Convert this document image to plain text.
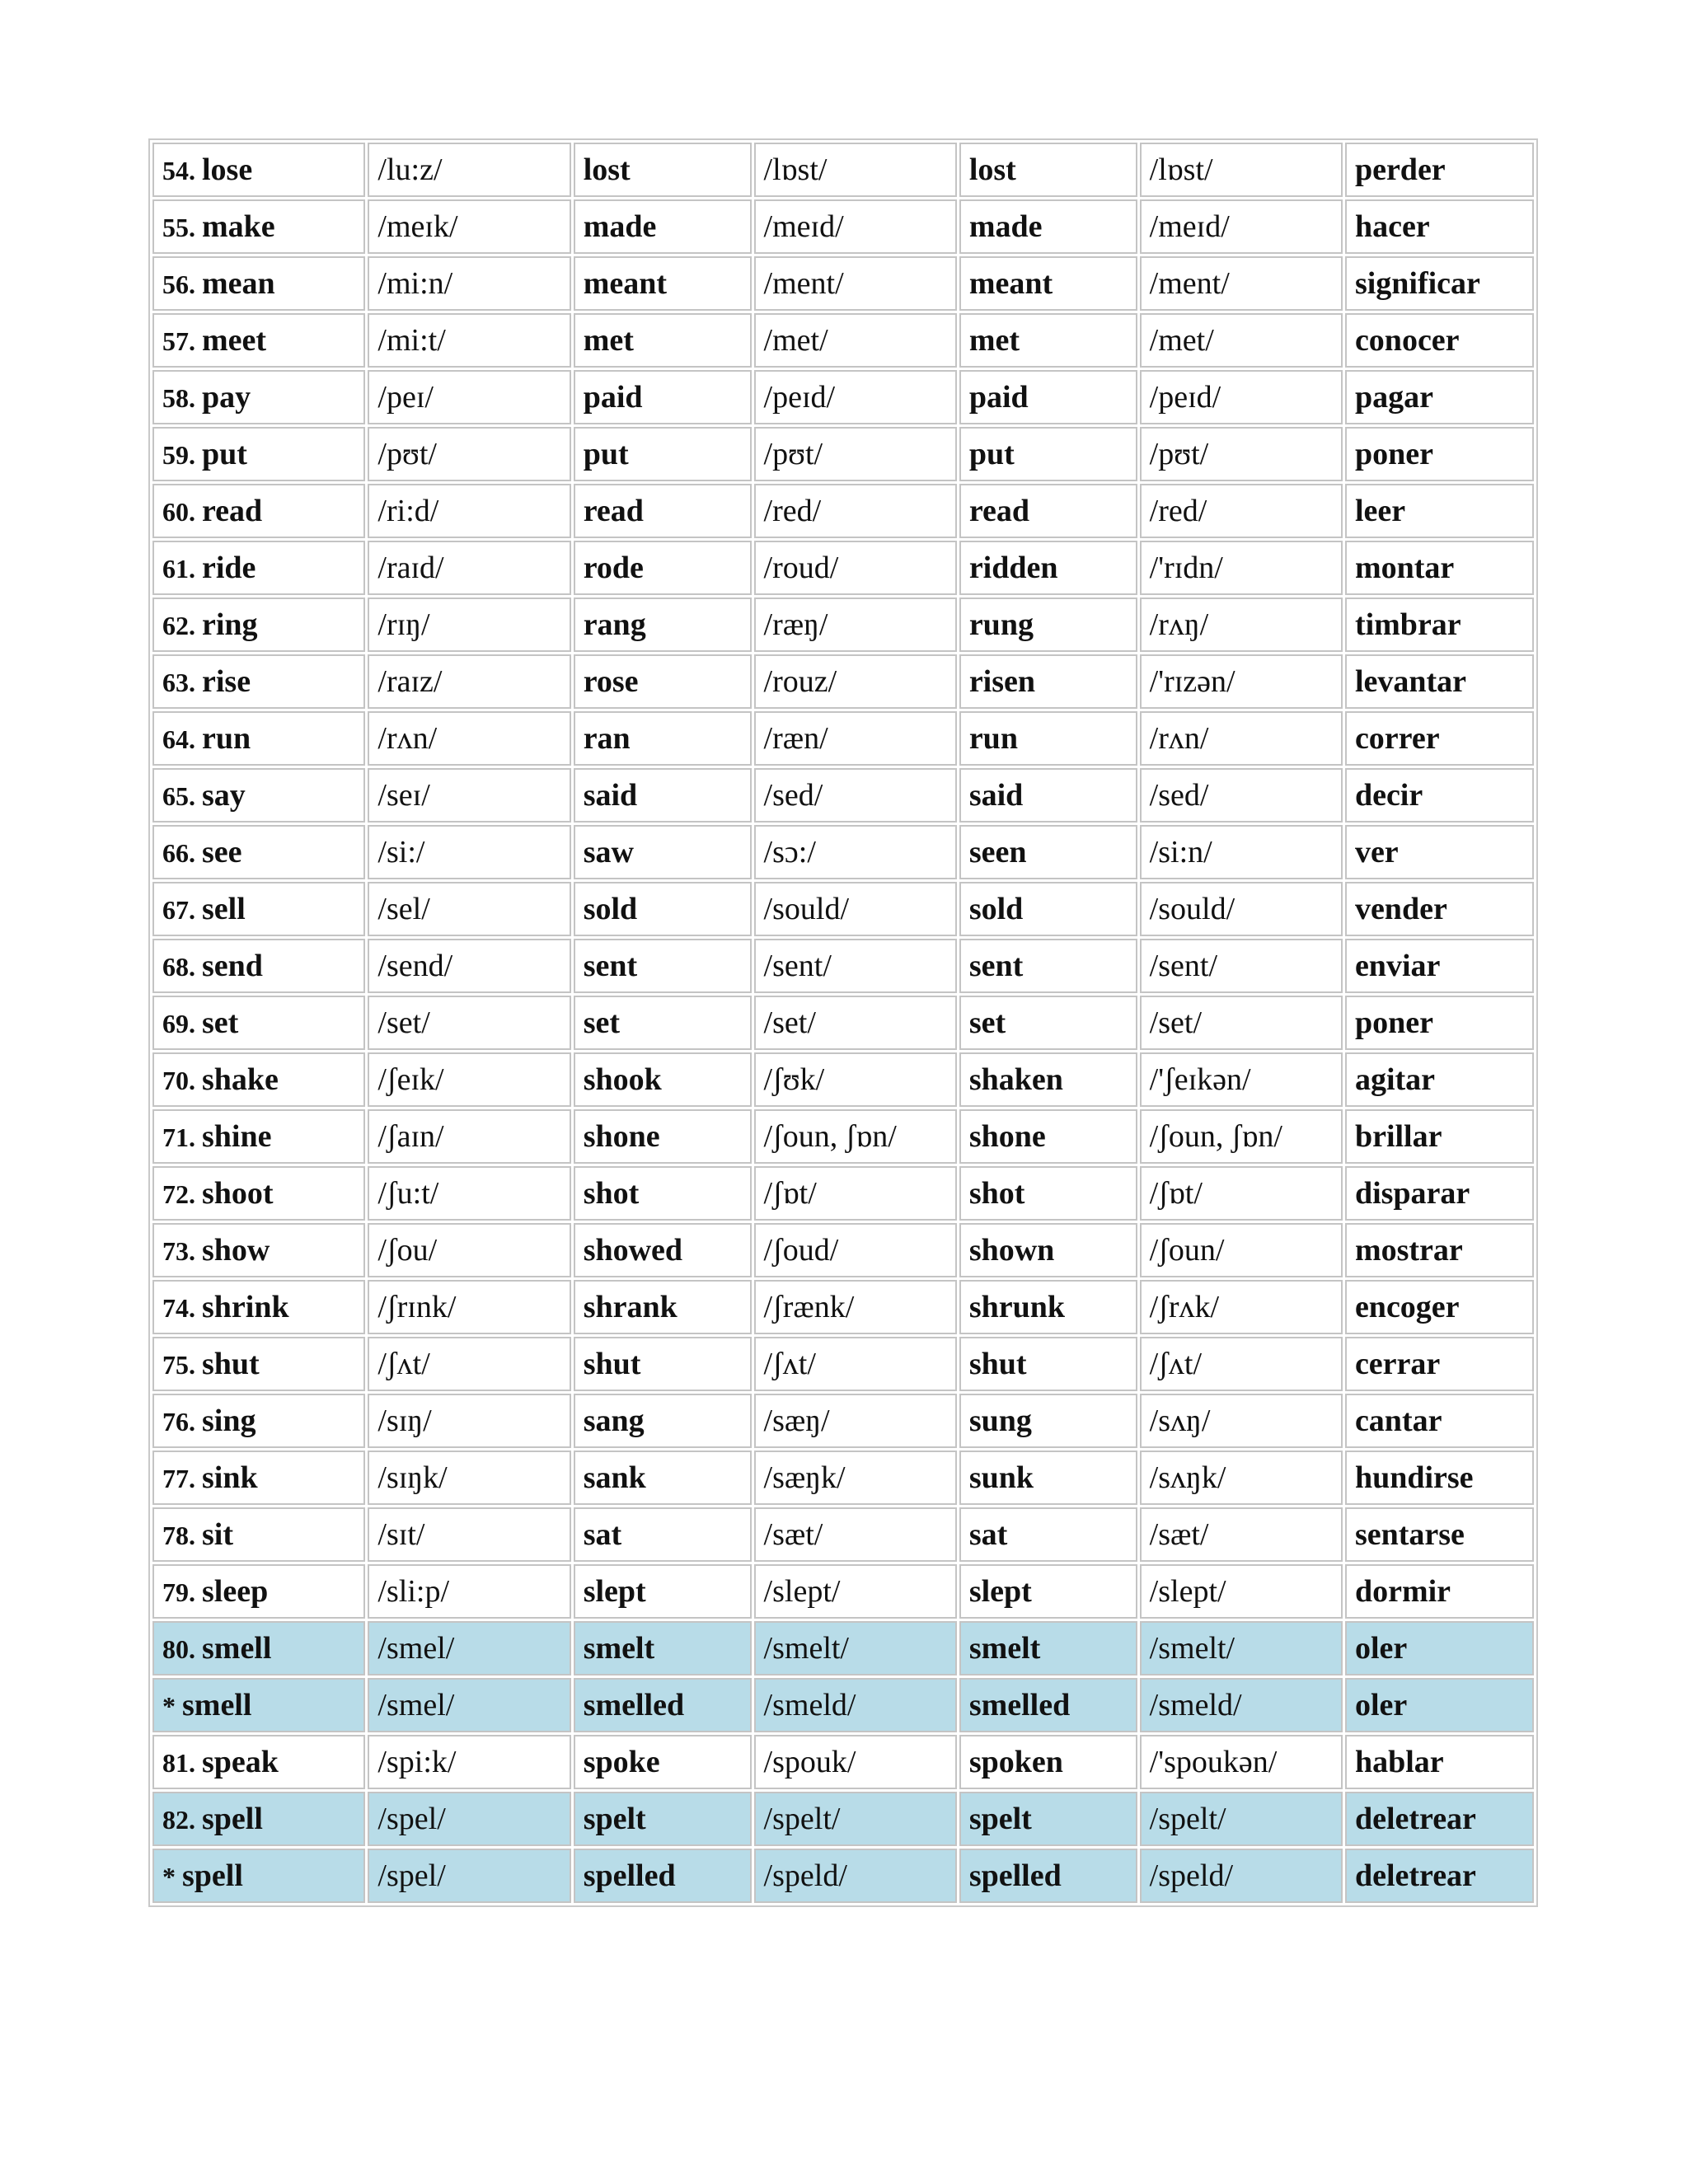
54. lose	/lu:z/	lost	/lɒst/	lost	/lɒst/	perder
55. make	/meɪk/	made	/meɪd/	made	/meɪd/	hacer
56. mean	/mi:n/	meant	/ment/	meant	/ment/	significar
57. meet	/mi:t/	met	/met/	met	/met/	conocer
58. pay	/peɪ/	paid	/peɪd/	paid	/peɪd/	pagar
59. put	/pʊt/	put	/pʊt/	put	/pʊt/	poner
60. read	/ri:d/	read	/red/	read	/red/	leer
61. ride	/raɪd/	rode	/roud/	ridden	/'rɪdn/	montar
62. ring	/rɪŋ/	rang	/ræŋ/	rung	/rʌŋ/	timbrar
63. rise	/raɪz/	rose	/rouz/	risen	/'rɪzən/	levantar
64. run	/rʌn/	ran	/ræn/	run	/rʌn/	correr
65. say	/seɪ/	said	/sed/	said	/sed/	decir
66. see	/si:/	saw	/sɔ:/	seen	/si:n/	ver
67. sell	/sel/	sold	/sould/	sold	/sould/	vender
68. send	/send/	sent	/sent/	sent	/sent/	enviar
69. set	/set/	set	/set/	set	/set/	poner
70. shake	/ʃeɪk/	shook	/ʃʊk/	shaken	/'ʃeɪkən/	agitar
71. shine	/ʃaɪn/	shone	/ʃoun, ʃɒn/	shone	/ʃoun, ʃɒn/	brillar
72. shoot	/ʃu:t/	shot	/ʃɒt/	shot	/ʃɒt/	disparar
73. show	/ʃou/	showed	/ʃoud/	shown	/ʃoun/	mostrar
74. shrink	/ʃrɪnk/	shrank	/ʃrænk/	shrunk	/ʃrʌk/	encoger
75. shut	/ʃʌt/	shut	/ʃʌt/	shut	/ʃʌt/	cerrar
76. sing	/sɪŋ/	sang	/sæŋ/	sung	/sʌŋ/	cantar
77. sink	/sɪŋk/	sank	/sæŋk/	sunk	/sʌŋk/	hundirse
78. sit	/sɪt/	sat	/sæt/	sat	/sæt/	sentarse
79. sleep	/sli:p/	slept	/slept/	slept	/slept/	dormir
80. smell	/smel/	smelt	/smelt/	smelt	/smelt/	oler
* smell	/smel/	smelled	/smeld/	smelled	/smeld/	oler
81. speak	/spi:k/	spoke	/spouk/	spoken	/'spoukən/	hablar
82. spell	/spel/	spelt	/spelt/	spelt	/spelt/	deletrear
* spell	/spel/	spelled	/speld/	spelled	/speld/	deletrear
